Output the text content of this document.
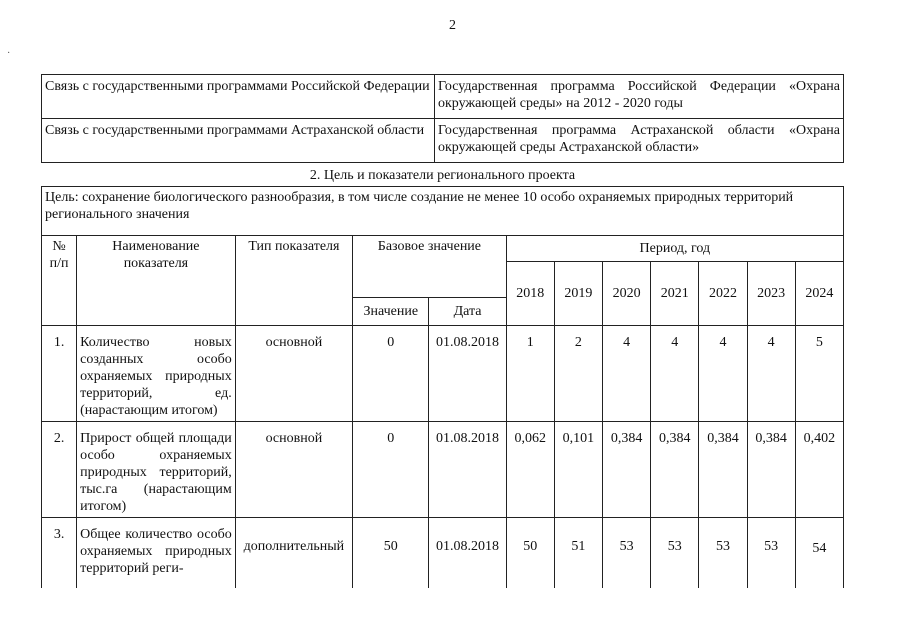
2
·
Связь с государственными программами Российской Федерации	Государственная программа Российской Федерации «Охрана окружающей среды» на 2012 - 2020 годы
Связь с государственными программами Астраханской области	Государственная программа Астраханской области «Охрана окружающей среды Астраханской области»
2. Цель и показатели регионального проекта
Цель: сохранение биологического разнообразия, в том числе создание не менее 10 особо охраняемых природных территорий регионального значения											
№ п/п	Наименование показателя	Тип показателя	Базовое значение		Период, год						
					2018	2019	2020	2021	2022	2023	2024
			Значение	Дата							
1.	Количество новых созданных особо охраняемых природных территорий, ед. (нарастающим итогом)	основной	0	01.08.2018	1	2	4	4	4	4	5
2.	Прирост общей площади особо охраняемых природных территорий, тыс.га (нарастающим итогом)	основной	0	01.08.2018	0,062	0,101	0,384	0,384	0,384	0,384	0,402
3.	Общее количество особо охраняемых природных территорий реги-	дополнительный	50	01.08.2018	50	51	53	53	53	53	54
